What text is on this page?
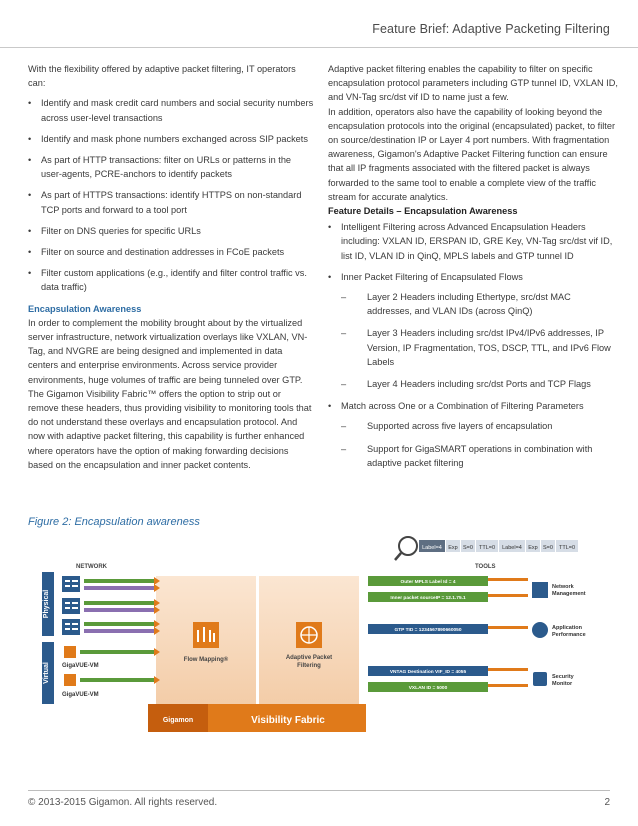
Feature Brief: Adaptive Packeting Filtering

With the flexibility offered by adaptive packet filtering, IT operators can:

• Identify and mask credit card numbers and social security numbers across user-level transactions
• Identify and mask phone numbers exchanged across SIP packets
• As part of HTTP transactions: filter on URLs or patterns in the user-agents, PCRE-anchors to identify packets
• As part of HTTPS transactions: identify HTTPS on non-standard TCP ports and forward to a tool port
• Filter on DNS queries for specific URLs
• Filter on source and destination addresses in FCoE packets
• Filter custom applications (e.g., identify and filter control traffic vs. data traffic)

Encapsulation Awareness

In order to complement the mobility brought about by the virtualized server infrastructure, network virtualization overlays like VXLAN, VN-Tag, and NVGRE are being designed and implemented in data centers and enterprise environments. Across service provider environments, huge volumes of traffic are being tunneled over GTP. The Gigamon Visibility Fabric™ offers the option to strip out or remove these headers, thus providing visibility to monitoring tools that do not understand these overlays and encapsulation protocol. And now with adaptive packet filtering, this capability is further enhanced where operators have the option of making forwarding decisions based on the encapsulation and inner packet contents.

Adaptive packet filtering enables the capability to filter on specific encapsulation protocol parameters including GTP tunnel ID, VXLAN ID, and VN-Tag src/dst vif ID to name just a few.

In addition, operators also have the capability of looking beyond the encapsulation protocols into the original (encapsulated) packet, to filter on source/destination IP or Layer 4 port numbers. With fragmentation awareness, Gigamon's Adaptive Packet Filtering function can ensure that all IP fragments associated with the filtered packet is always forwarded to the same tool to enable a complete view of the traffic stream for accurate analytics.

Feature Details – Encapsulation Awareness

• Intelligent Filtering across Advanced Encapsulation Headers including: VXLAN ID, ERSPAN ID, GRE Key, VN-Tag src/dst vif ID, list ID, VLAN ID in QinQ, MPLS labels and GTP tunnel ID
• Inner Packet Filtering of Encapsulated Flows
– Layer 2 Headers including Ethertype, src/dst MAC addresses, and VLAN IDs (across QinQ)
– Layer 3 Headers including src/dst IPv4/IPv6 addresses, IP Version, IP Fragmentation, TOS, DSCP, TTL, and IPv6 Flow Labels
– Layer 4 Headers including src/dst Ports and TCP Flags
• Match across One or a Combination of Filtering Parameters
– Supported across five layers of encapsulation
– Support for GigaSMART operations in combination with adaptive packet filtering
Figure 2: Encapsulation awareness
Label=4 Exp S=0 TTL=0 Label=4 Exp S=0 TTL=0
NETWORK	TOOLS
Physical
Virtual GigaVUE-VM
GigaVUE-VM
Flow Mapping®	Adaptive Packet
Filtering
Gigamon	Visibility Fabric
Outer MPLS Label Id = 4
Inner packet sourceIP = 12.1.75.1
GTP TID = 1234567890660050
VNTAG Destination VIF_ID = 4055
VXLAN ID = 5000
Network
Management
Application
Performance
Security
Monitor
© 2013-2015 Gigamon. All rights reserved.	2
